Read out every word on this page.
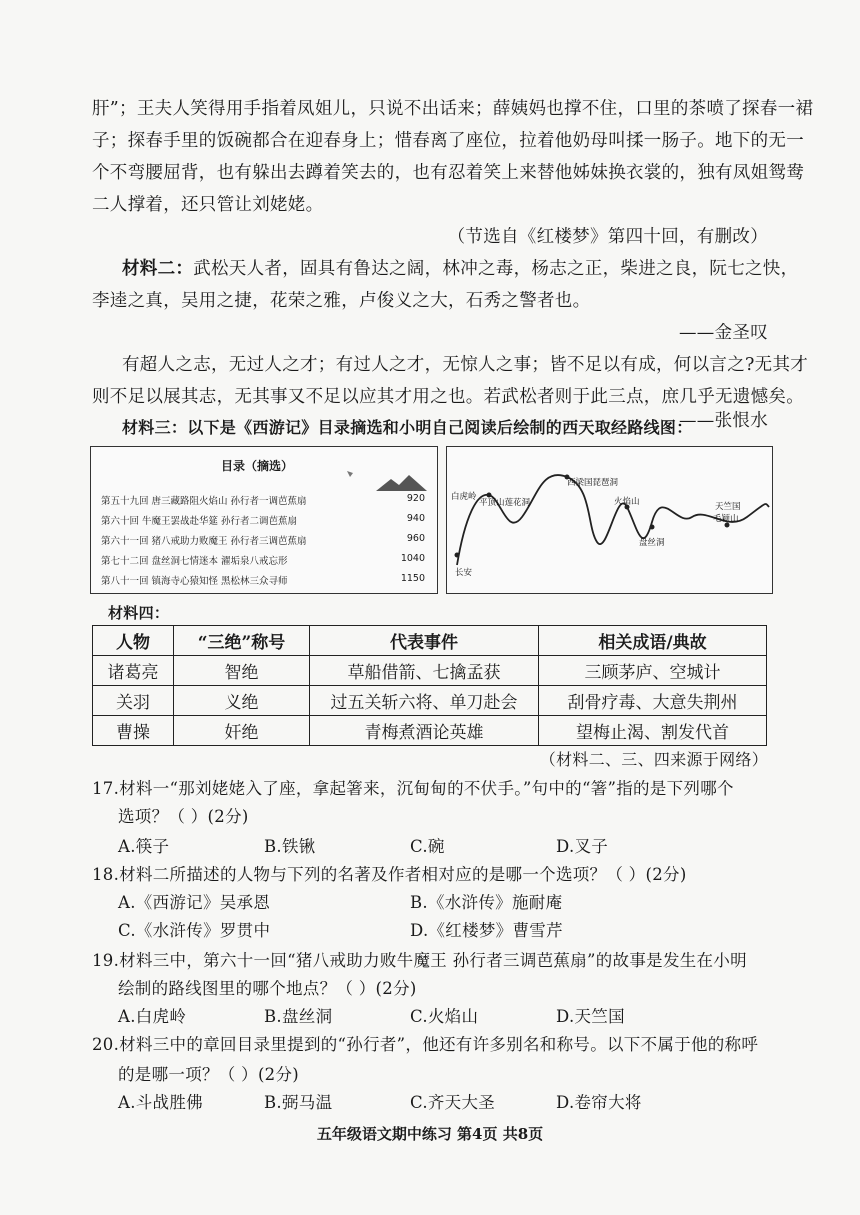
肝”；王夫人笑得用手指着凤姐儿，只说不出话来；薛姨妈也撑不住，口里的茶喷了探春一裙
子；探春手里的饭碗都合在迎春身上；惜春离了座位，拉着他奶母叫揉一肠子。地下的无一
个不弯腰屈背，也有躲出去蹲着笑去的，也有忍着笑上来替他姊妹换衣裳的，独有凤姐鸳鸯
二人撑着，还只管让刘姥姥。
（节选自《红楼梦》第四十回，有删改）
材料二：武松天人者，固具有鲁达之阔，林冲之毒，杨志之正，柴进之良，阮七之快，
李逵之真，吴用之捷，花荣之雅，卢俊义之大，石秀之警者也。
——金圣叹
有超人之志，无过人之才；有过人之才，无惊人之事；皆不足以有成，何以言之?无其才
则不足以展其志，无其事又不足以应其才用之也。若武松者则于此三点，庶几乎无遗憾矣。
——张恨水
材料三：以下是《西游记》目录摘选和小明自己阅读后绘制的西天取经路线图：
目录（摘选）
第五十九回 唐三藏路阻火焰山 孙行者一调芭蕉扇	920
第六十回 牛魔王罢战赴华筵 孙行者二调芭蕉扇	940
第六十一回 猪八戒助力败魔王 孙行者三调芭蕉扇	960
第七十二回 盘丝洞七情迷本 濯垢泉八戒忘形	1040
第八十一回 镇海寺心猿知怪 黑松林三众寻师	1150
白虎岭
平顶山莲花洞
西梁国琵琶洞
火焰山
盘丝洞
天竺国
毛颖山
长安
材料四：
人物	“三绝”称号	代表事件	相关成语/典故
诸葛亮	智绝	草船借箭、七擒孟获	三顾茅庐、空城计
关羽	义绝	过五关斩六将、单刀赴会	刮骨疗毒、大意失荆州
曹操	奸绝	青梅煮酒论英雄	望梅止渴、割发代首
（材料二、三、四来源于网络）
17.材料一“那刘姥姥入了座，拿起箸来，沉甸甸的不伏手。”句中的“箸”指的是下列哪个
选项？（ ）(2分)
A.筷子	B.铁锹	C.碗	D.叉子
18.材料二所描述的人物与下列的名著及作者相对应的是哪一个选项？（ ）(2分)
A.《西游记》吴承恩	B.《水浒传》施耐庵
C.《水浒传》罗贯中	D.《红楼梦》曹雪芹
19.材料三中，第六十一回“猪八戒助力败牛魔王 孙行者三调芭蕉扇”的故事是发生在小明
绘制的路线图里的哪个地点？（ ）(2分)
A.白虎岭	B.盘丝洞	C.火焰山	D.天竺国
20.材料三中的章回目录里提到的“孙行者”，他还有许多别名和称号。以下不属于他的称呼
的是哪一项？（ ）(2分)
A.斗战胜佛	B.弼马温	C.齐天大圣	D.卷帘大将
五年级语文期中练习 第4页 共8页
